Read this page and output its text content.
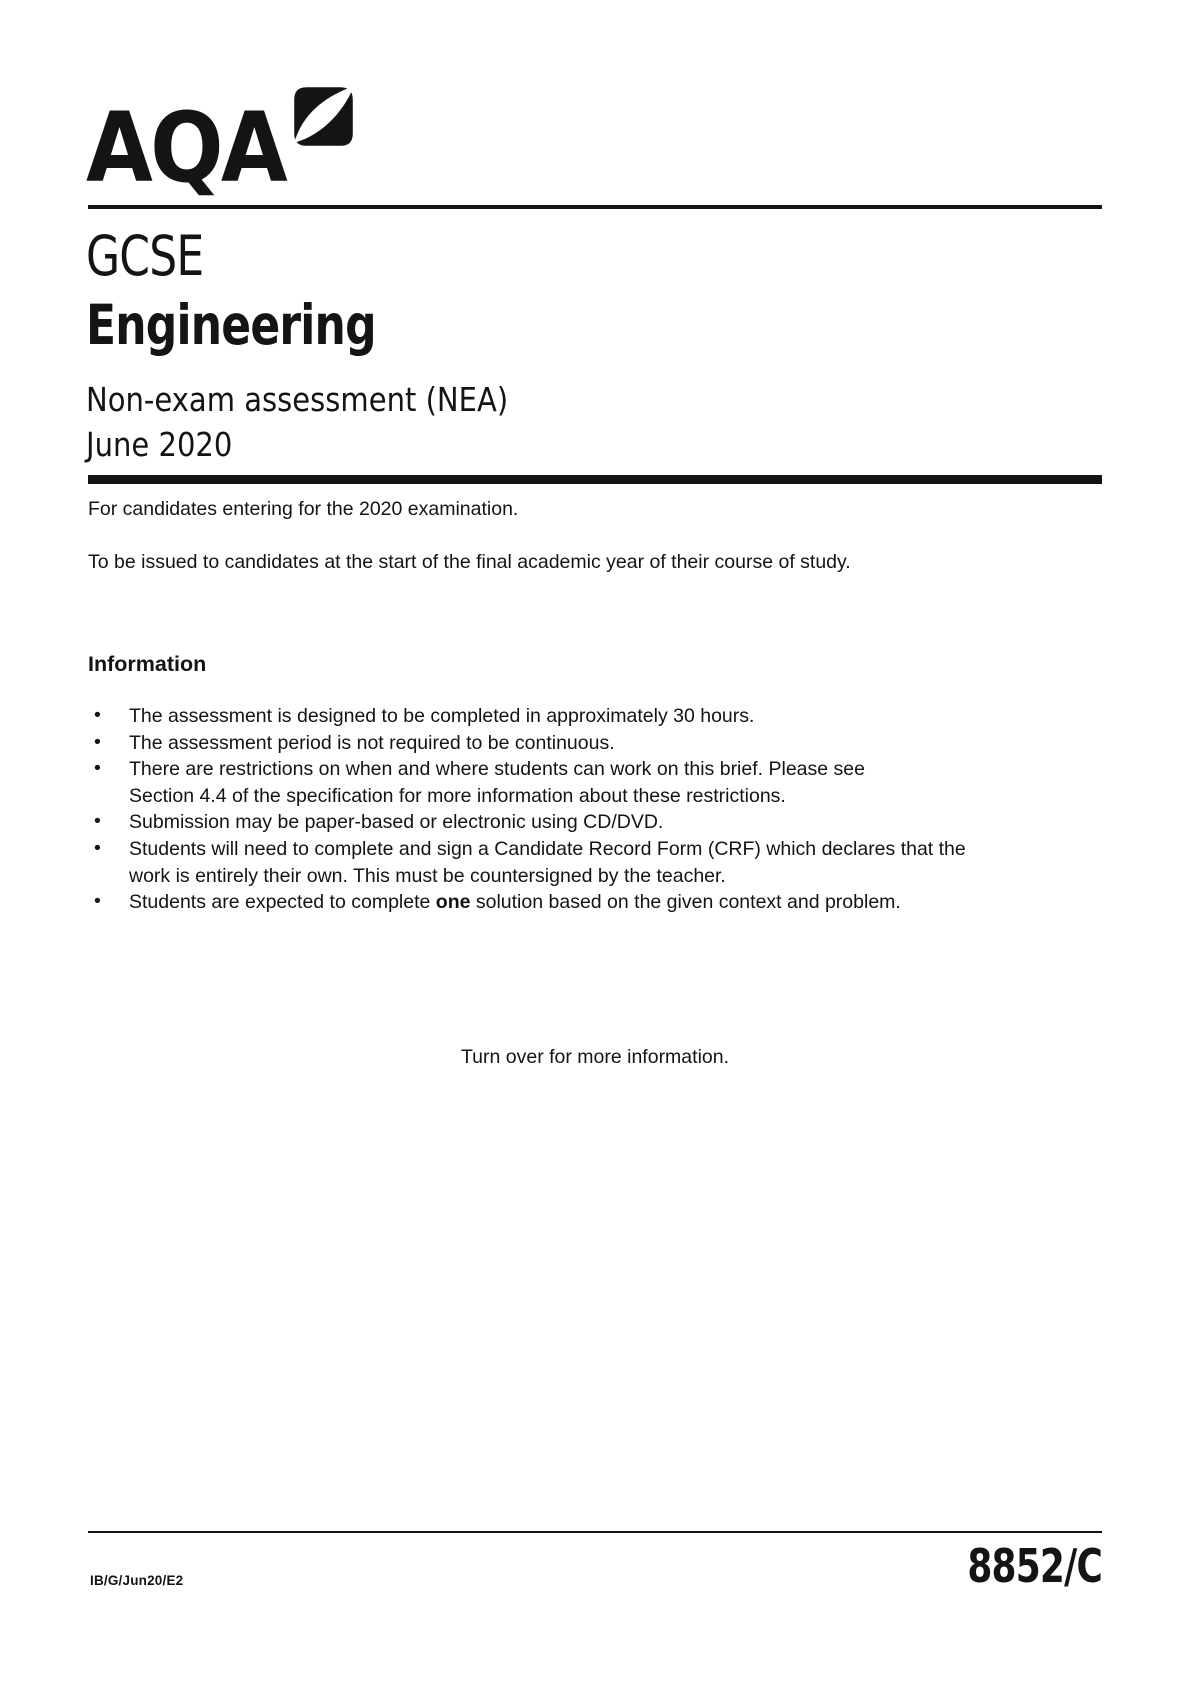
AQA
GCSE
Engineering
Non-exam assessment (NEA)
June 2020
For candidates entering for the 2020 examination.
To be issued to candidates at the start of the final academic year of their course of study.
Information
• The assessment is designed to be completed in approximately 30 hours.
• The assessment period is not required to be continuous.
• There are restrictions on when and where students can work on this brief. Please see
Section 4.4 of the specification for more information about these restrictions.
• Submission may be paper-based or electronic using CD/DVD.
• Students will need to complete and sign a Candidate Record Form (CRF) which declares that the
work is entirely their own. This must be countersigned by the teacher.
• Students are expected to complete one solution based on the given context and problem.
Turn over for more information.
IB/G/Jun20/E2	8852/C
